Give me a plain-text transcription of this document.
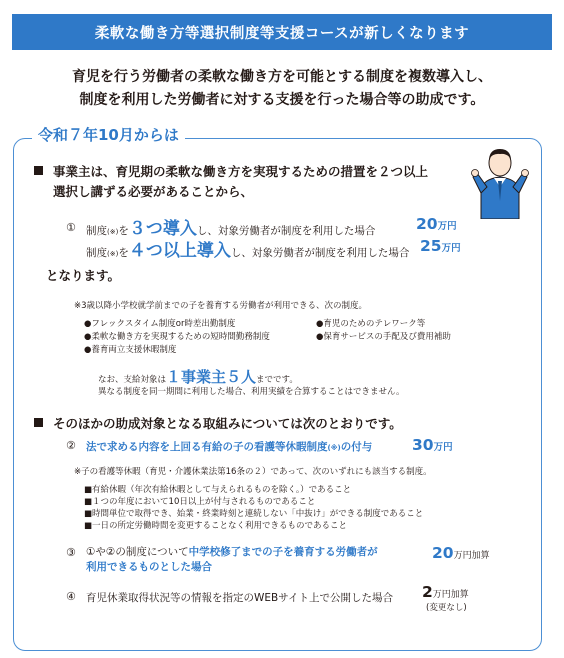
柔軟な働き方等選択制度等支援コースが新しくなります
育児を行う労働者の柔軟な働き方を可能とする制度を複数導入し、
制度を利用した労働者に対する支援を行った場合等の助成です。
令和７年10月からは
事業主は、育児期の柔軟な働き方を実現するための措置を２つ以上
選択し講ずる必要があることから、
① 制度(※)を３つ導入し、対象労働者が制度を利用した場合	20万円
制度(※)を４つ以上導入し、対象労働者が制度を利用した場合 25万円
となります。
※3歳以降小学校就学前までの子を養育する労働者が利用できる、次の制度。
●フレックスタイム制度or時差出勤制度	●育児のためのテレワーク等
●柔軟な働き方を実現するための短時間勤務制度	●保育サービスの手配及び費用補助
●養育両立支援休暇制度
なお、支給対象は１事業主５人までです。
異なる制度を同一期間に利用した場合、利用実績を合算することはできません。
そのほかの助成対象となる取組みについては次のとおりです。
② 法で求める内容を上回る有給の子の看護等休暇制度(※)の付与	30万円
※子の看護等休暇（育児・介護休業法第16条の２）であって、次のいずれにも該当する制度。
■有給休暇（年次有給休暇として与えられるものを除く。）であること
■１つの年度において10日以上が付与されるものであること
■時間単位で取得でき、始業・終業時刻と連続しない「中抜け」ができる制度であること
■一日の所定労働時間を変更することなく利用できるものであること
③ ①や②の制度について中学校修了までの子を養育する労働者が
利用できるものとした場合
20万円加算
④ 育児休業取得状況等の情報を指定のWEBサイト上で公開した場合 2万円加算
(変更なし)
